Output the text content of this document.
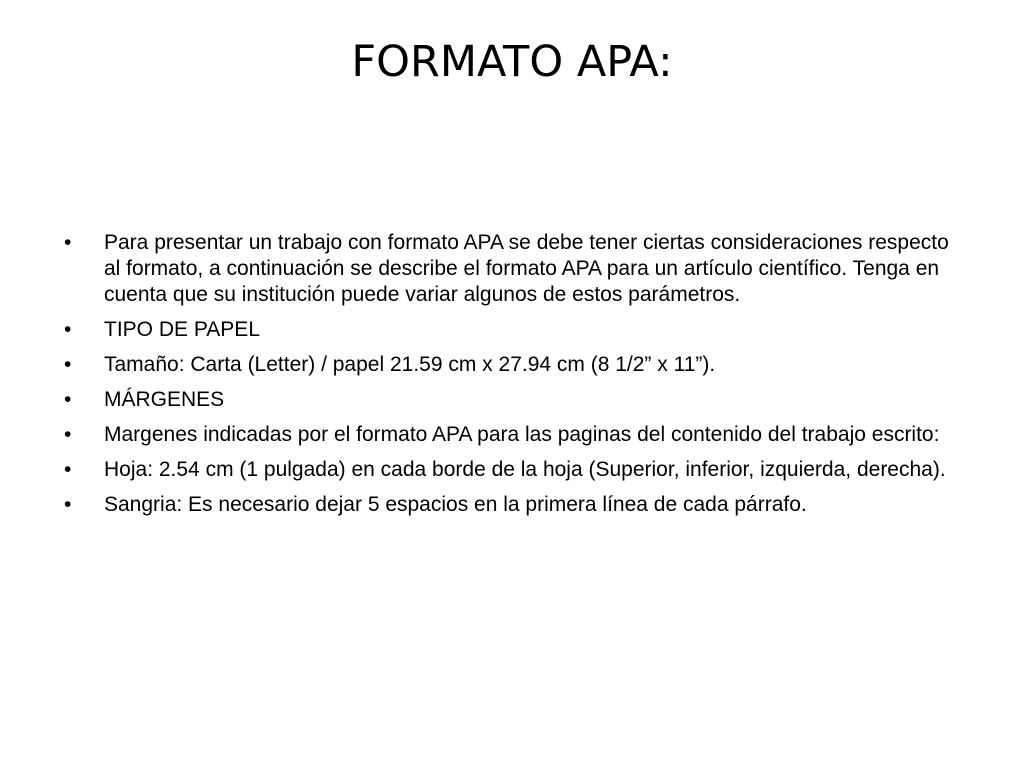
FORMATO APA:
•	Para presentar un trabajo con formato APA se debe tener ciertas consideraciones respecto al formato, a continuación se describe el formato APA para un artículo científico. Tenga en cuenta que su institución puede variar algunos de estos parámetros.
•	TIPO DE PAPEL
•	Tamaño: Carta (Letter) / papel 21.59 cm x 27.94 cm (8 1/2” x 11”).
•	MÁRGENES
•	Margenes indicadas por el formato APA para las paginas del contenido del trabajo escrito:
•	Hoja: 2.54 cm (1 pulgada) en cada borde de la hoja (Superior, inferior, izquierda, derecha).
•	Sangria: Es necesario dejar 5 espacios en la primera línea de cada párrafo.
